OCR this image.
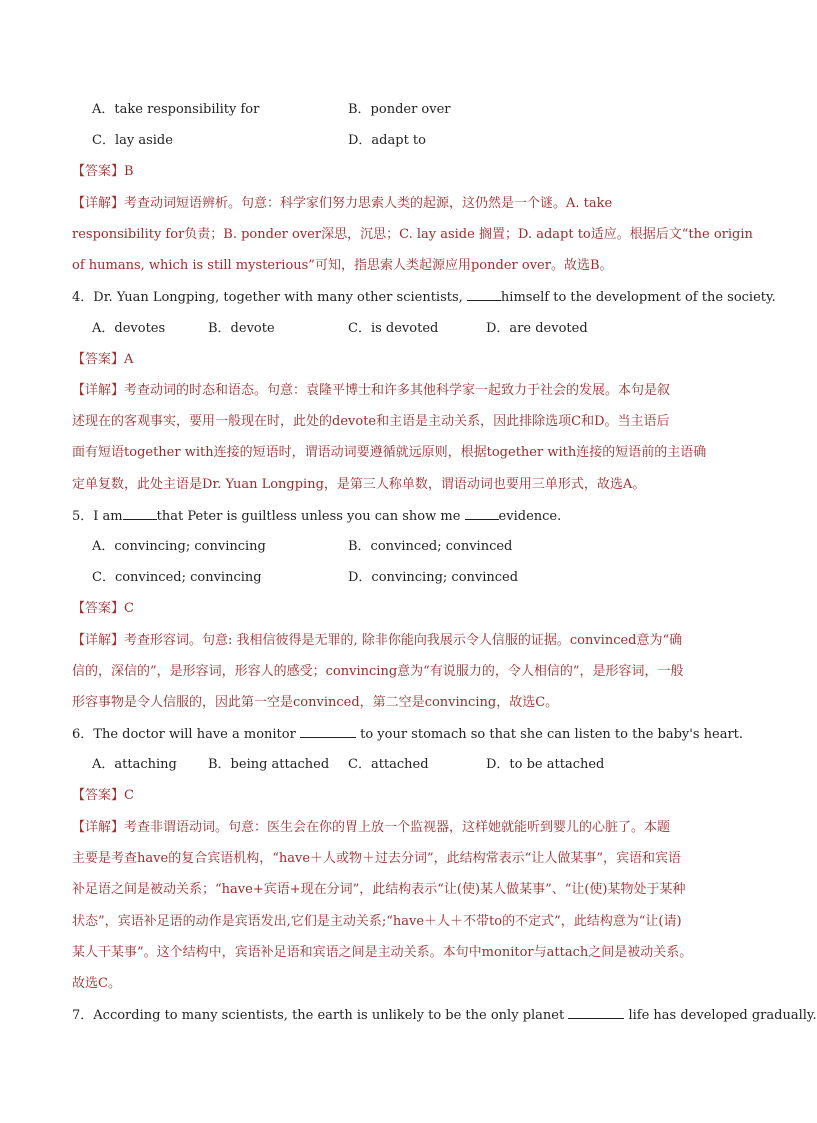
A．take responsibility for	B．ponder over
C．lay aside	D．adapt to
【答案】B
【详解】考查动词短语辨析。句意：科学家们努力思索人类的起源，这仍然是一个谜。A. take
responsibility for负责；B. ponder over深思，沉思；C. lay aside 搁置；D. adapt to适应。根据后文“the origin
of humans, which is still mysterious”可知，指思索人类起源应用ponder over。故选B。
4．Dr. Yuan Longping, together with many other scientists,	himself to the development of the society.
A．devotes	B．devote	C．is devoted	D．are devoted
【答案】A
【详解】考查动词的时态和语态。句意：袁隆平博士和许多其他科学家一起致力于社会的发展。本句是叙
述现在的客观事实，要用一般现在时，此处的devote和主语是主动关系，因此排除选项C和D。当主语后
面有短语together with连接的短语时，谓语动词要遵循就远原则，根据together with连接的短语前的主语确
定单复数，此处主语是Dr. Yuan Longping，是第三人称单数，谓语动词也要用三单形式，故选A。
5．I am	that Peter is guiltless unless you can show me	evidence.
A．convincing; convincing	B．convinced; convinced
C．convinced; convincing	D．convincing; convinced
【答案】C
【详解】考查形容词。句意: 我相信彼得是无罪的, 除非你能向我展示令人信服的证据。convinced意为“确
信的，深信的”，是形容词，形容人的感受；convincing意为“有说服力的，令人相信的”，是形容词，一般
形容事物是令人信服的，因此第一空是convinced，第二空是convincing，故选C。
6．The doctor will have a monitor	to your stomach so that she can listen to the baby's heart.
A．attaching B．being attached C．attached	D．to be attached
【答案】C
【详解】考查非谓语动词。句意：医生会在你的胃上放一个监视器，这样她就能听到婴儿的心脏了。本题
主要是考查have的复合宾语机构，“have＋人或物＋过去分词”，此结构常表示“让人做某事”，宾语和宾语
补足语之间是被动关系；“have+宾语+现在分词”，此结构表示“让(使)某人做某事”、“让(使)某物处于某种
状态”，宾语补足语的动作是宾语发出,它们是主动关系;“have＋人＋不带to的不定式”，此结构意为“让(请)
某人干某事”。这个结构中，宾语补足语和宾语之间是主动关系。本句中monitor与attach之间是被动关系。
故选C。
7．According to many scientists, the earth is unlikely to be the only planet	life has developed gradually.
